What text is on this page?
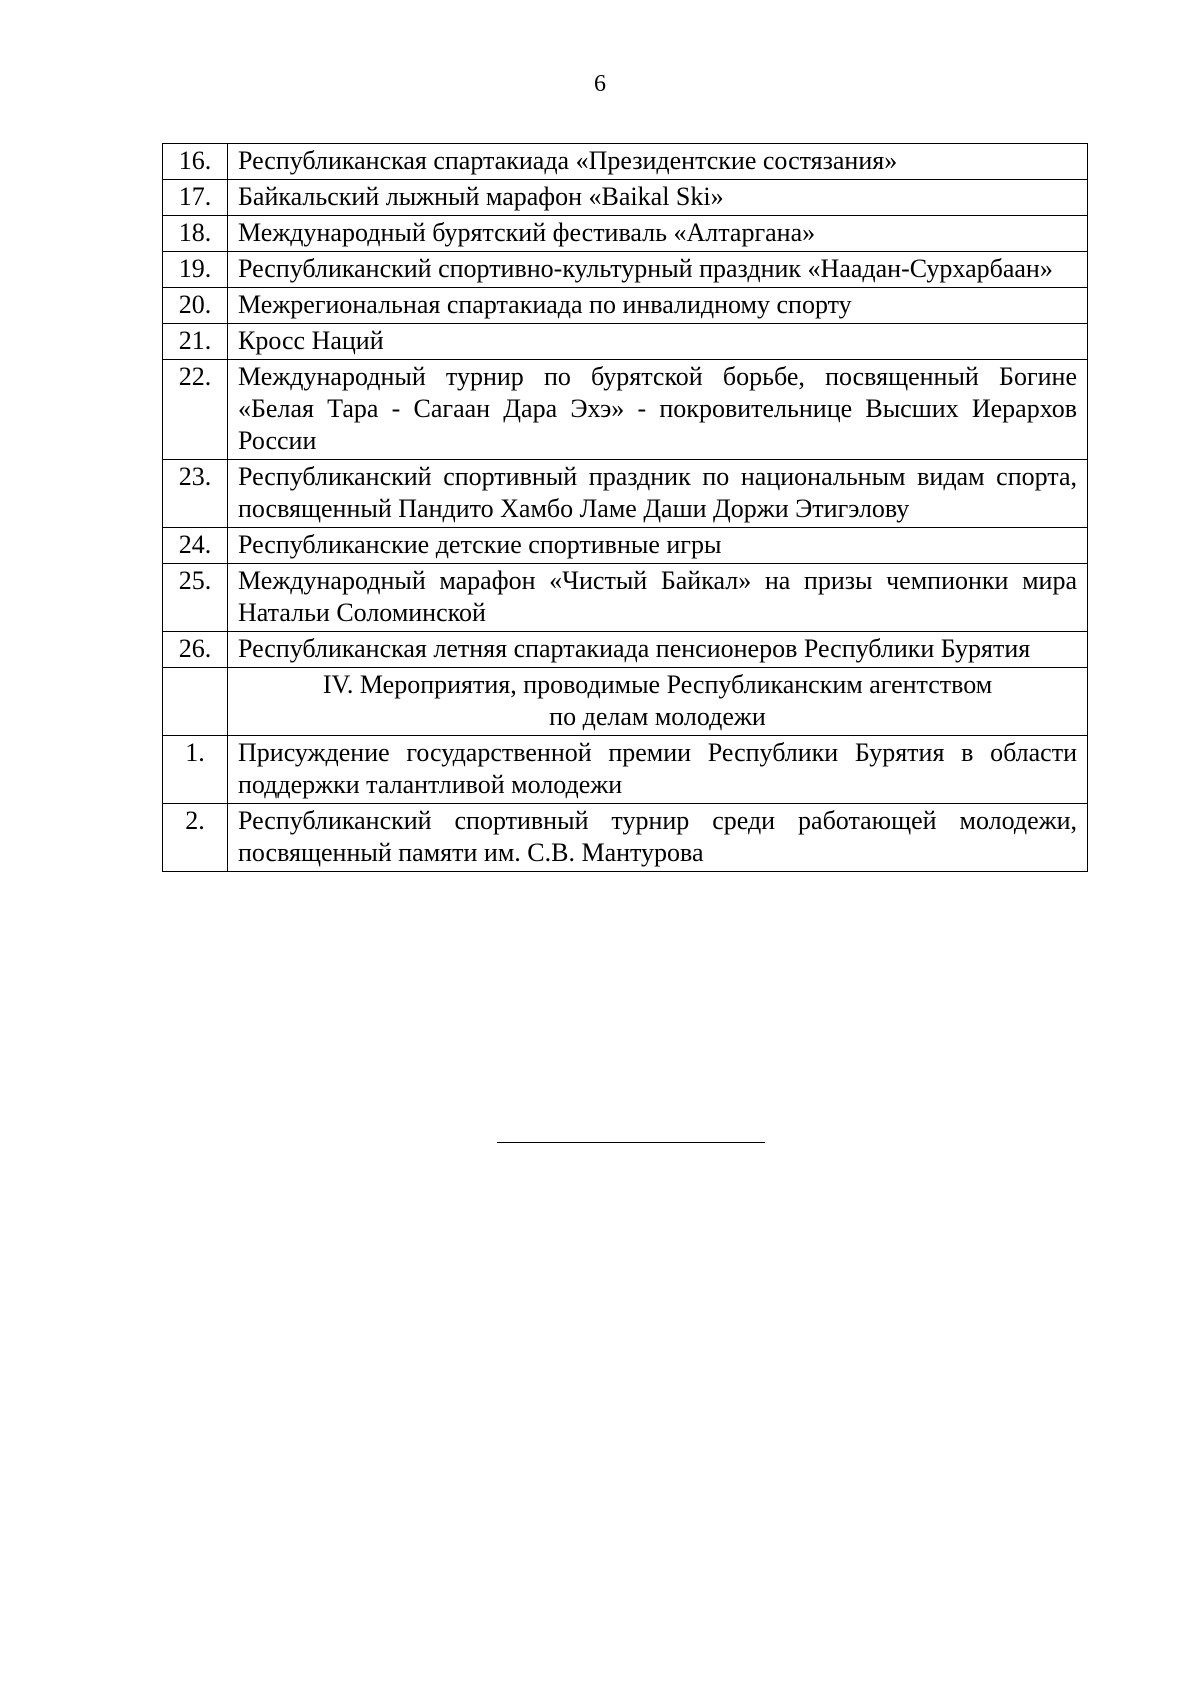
6
16.	Республиканская спартакиада «Президентские состязания»
17.	Байкальский лыжный марафон «Baikal Ski»
18.	Международный бурятский фестиваль «Алтаргана»
19.	Республиканский спортивно-культурный праздник «Наадан-Сурхарбаан»
20.	Межрегиональная спартакиада по инвалидному спорту
21.	Кросс Наций
22.	Международный турнир по бурятской борьбе, посвященный Богине «Белая Тара - Сагаан Дара Эхэ» - покровительнице Высших Иерархов России
23.	Республиканский спортивный праздник по национальным видам спорта, посвященный Пандито Хамбо Ламе Даши Доржи Этигэлову
24.	Республиканские детские спортивные игры
25.	Международный марафон «Чистый Байкал» на призы чемпионки мира Натальи Соломинской
26.	Республиканская летняя спартакиада пенсионеров Республики Бурятия

	IV. Мероприятия, проводимые Республиканским агентством
по делам молодежи

1.	Присуждение государственной премии Республики Бурятия в области поддержки талантливой молодежи
2.	Республиканский спортивный турнир среди работающей молодежи, посвященный памяти им. С.В. Мантурова
